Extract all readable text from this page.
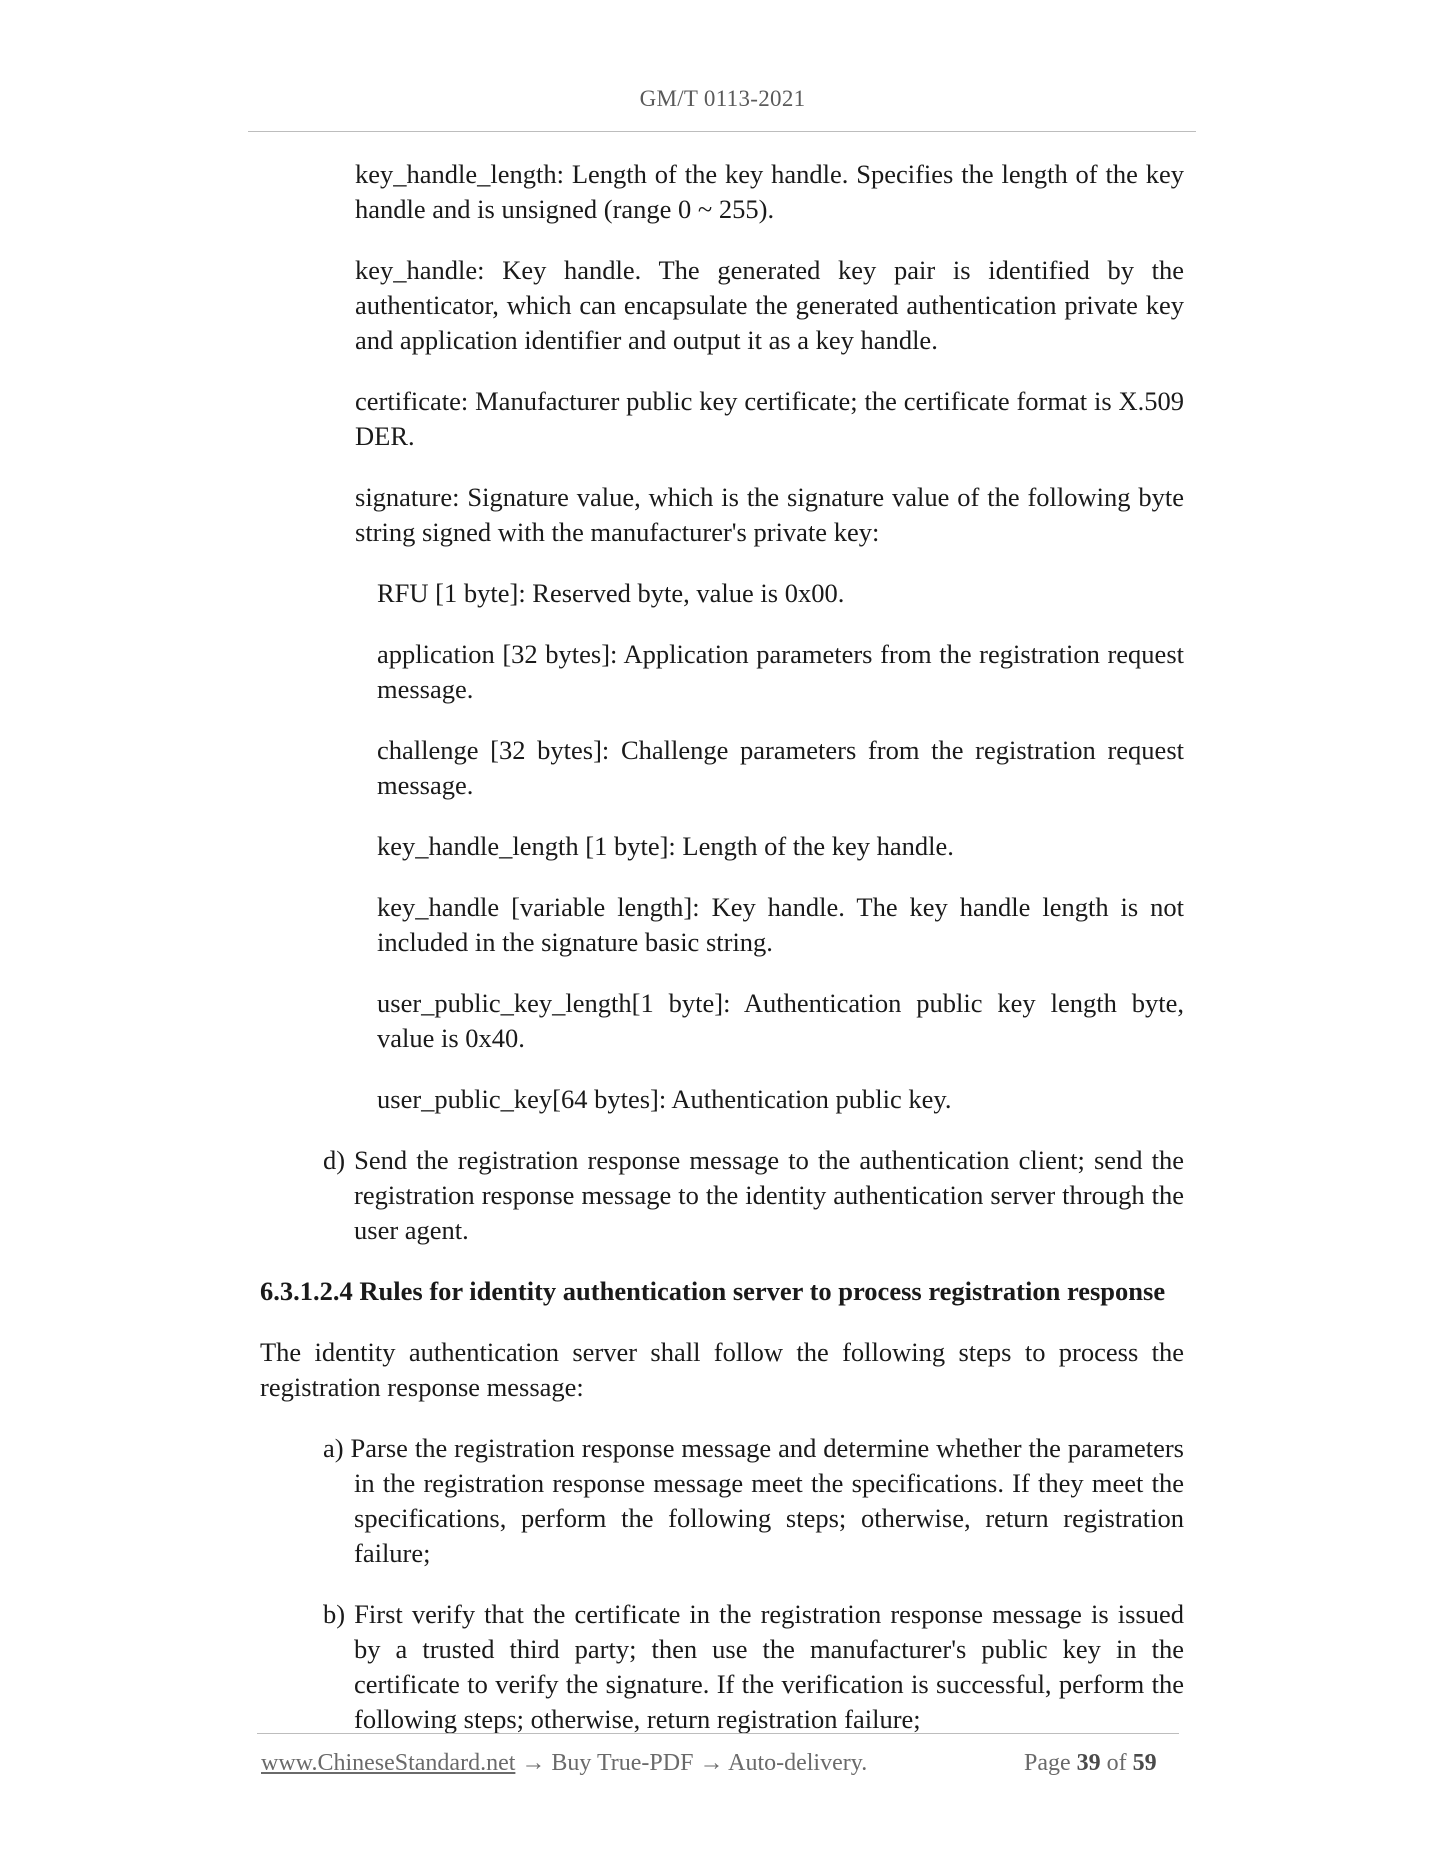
GM/T 0113-2021

key_handle_length: Length of the key handle. Specifies the length of the key handle and is unsigned (range 0 ~ 255).

key_handle: Key handle. The generated key pair is identified by the authenticator, which can encapsulate the generated authentication private key and application identifier and output it as a key handle.

certificate: Manufacturer public key certificate; the certificate format is X.509 DER.

signature: Signature value, which is the signature value of the following byte string signed with the manufacturer's private key:

RFU [1 byte]: Reserved byte, value is 0x00.

application [32 bytes]: Application parameters from the registration request message.

challenge [32 bytes]: Challenge parameters from the registration request message.

key_handle_length [1 byte]: Length of the key handle.

key_handle [variable length]: Key handle. The key handle length is not included in the signature basic string.

user_public_key_length[1 byte]: Authentication public key length byte, value is 0x40.

user_public_key[64 bytes]: Authentication public key.

d) Send the registration response message to the authentication client; send the registration response message to the identity authentication server through the user agent.

6.3.1.2.4 Rules for identity authentication server to process registration response

The identity authentication server shall follow the following steps to process the registration response message:

a) Parse the registration response message and determine whether the parameters in the registration response message meet the specifications. If they meet the specifications, perform the following steps; otherwise, return registration failure;

b) First verify that the certificate in the registration response message is issued by a trusted third party; then use the manufacturer's public key in the certificate to verify the signature. If the verification is successful, perform the following steps; otherwise, return registration failure;

www.ChineseStandard.net → Buy True-PDF → Auto-delivery.	Page 39 of 59
